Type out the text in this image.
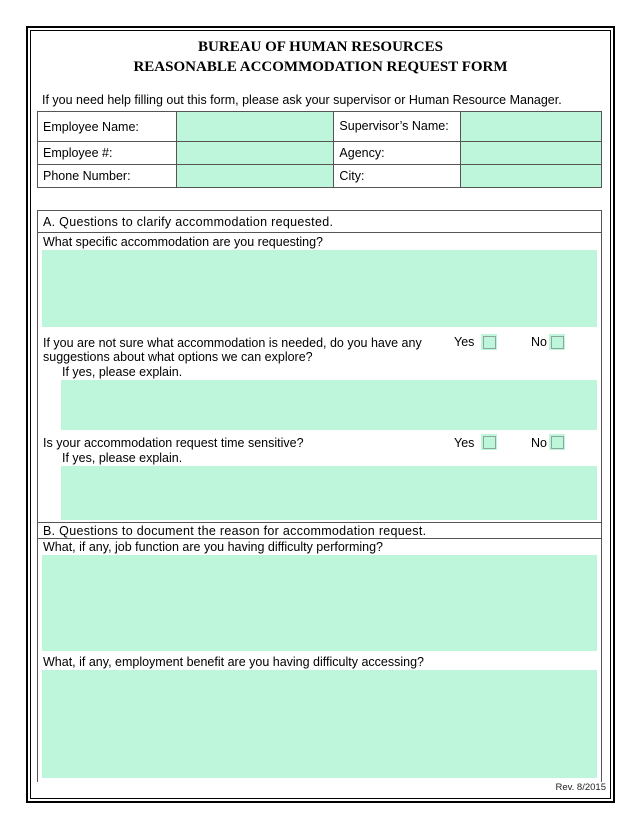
BUREAU OF HUMAN RESOURCES
REASONABLE ACCOMMODATION REQUEST FORM
If you need help filling out this form, please ask your supervisor or Human Resource Manager.
Employee Name:		Supervisor’s Name:	
Employee #:		Agency:	
Phone Number:		City:	
A. Questions to clarify accommodation requested.
What specific accommodation are you requesting?
If you are not sure what accommodation is needed, do you have any suggestions about what options we can explore?
Yes	No
If yes, please explain.
Is your accommodation request time sensitive?	Yes	No
If yes, please explain.
B. Questions to document the reason for accommodation request.
What, if any, job function are you having difficulty performing?
What, if any, employment benefit are you having difficulty accessing?
Rev. 8/2015
